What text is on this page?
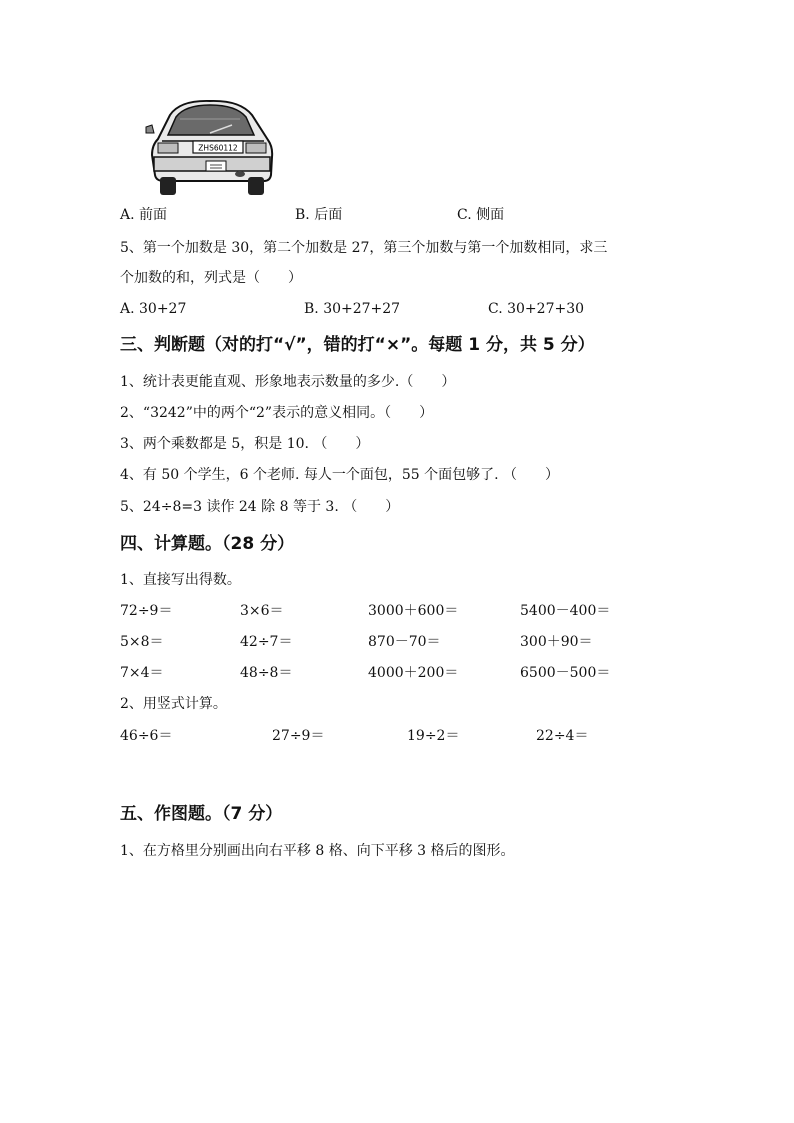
ZHS60112
A. 前面	B. 后面	C. 侧面
5、第一个加数是 30，第二个加数是 27，第三个加数与第一个加数相同，求三
个加数的和，列式是（　　）
A. 30+27	B. 30+27+27	C. 30+27+30
三、判断题（对的打“√”，错的打“×”。每题 1 分，共 5 分）
1、统计表更能直观、形象地表示数量的多少.（　　）
2、“3242”中的两个“2”表示的意义相同。（　　）
3、两个乘数都是 5，积是 10. （　　）
4、有 50 个学生，6 个老师. 每人一个面包，55 个面包够了. （　　）
5、24÷8=3 读作 24 除 8 等于 3. （　　）
四、计算题。（28 分）
1、直接写出得数。
72÷9＝	3×6＝	3000＋600＝	5400－400＝
5×8＝	42÷7＝	870－70＝	300＋90＝
7×4＝	48÷8＝	4000＋200＝	6500－500＝
2、用竖式计算。
46÷6＝	27÷9＝	19÷2＝	22÷4＝
五、作图题。（7 分）
1、在方格里分别画出向右平移 8 格、向下平移 3 格后的图形。
